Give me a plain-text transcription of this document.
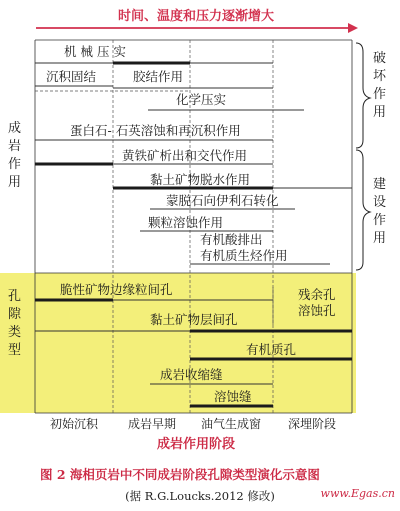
时间、温度和压力逐渐增大
成
岩
作
用
孔
隙
类
型
破
坏
作
用
建
设
作
用
机 械 压 实
沉积固结	胶结作用
化学压实
蛋白石- 石英溶蚀和再沉积作用
黄铁矿析出和交代作用
黏土矿物脱水作用
蒙脱石向伊利石转化
颗粒溶蚀作用
有机酸排出
有机质生烃作用
脆性矿物边缘粒间孔	残余孔
溶蚀孔
黏土矿物层间孔
有机质孔
成岩收缩缝
溶蚀缝
初始沉积 成岩早期 油气生成窗 深埋阶段
成岩作用阶段
图 2 海相页岩中不同成岩阶段孔隙类型演化示意图
(据 R.G.Loucks.2012 修改)	www.Egas.cn
